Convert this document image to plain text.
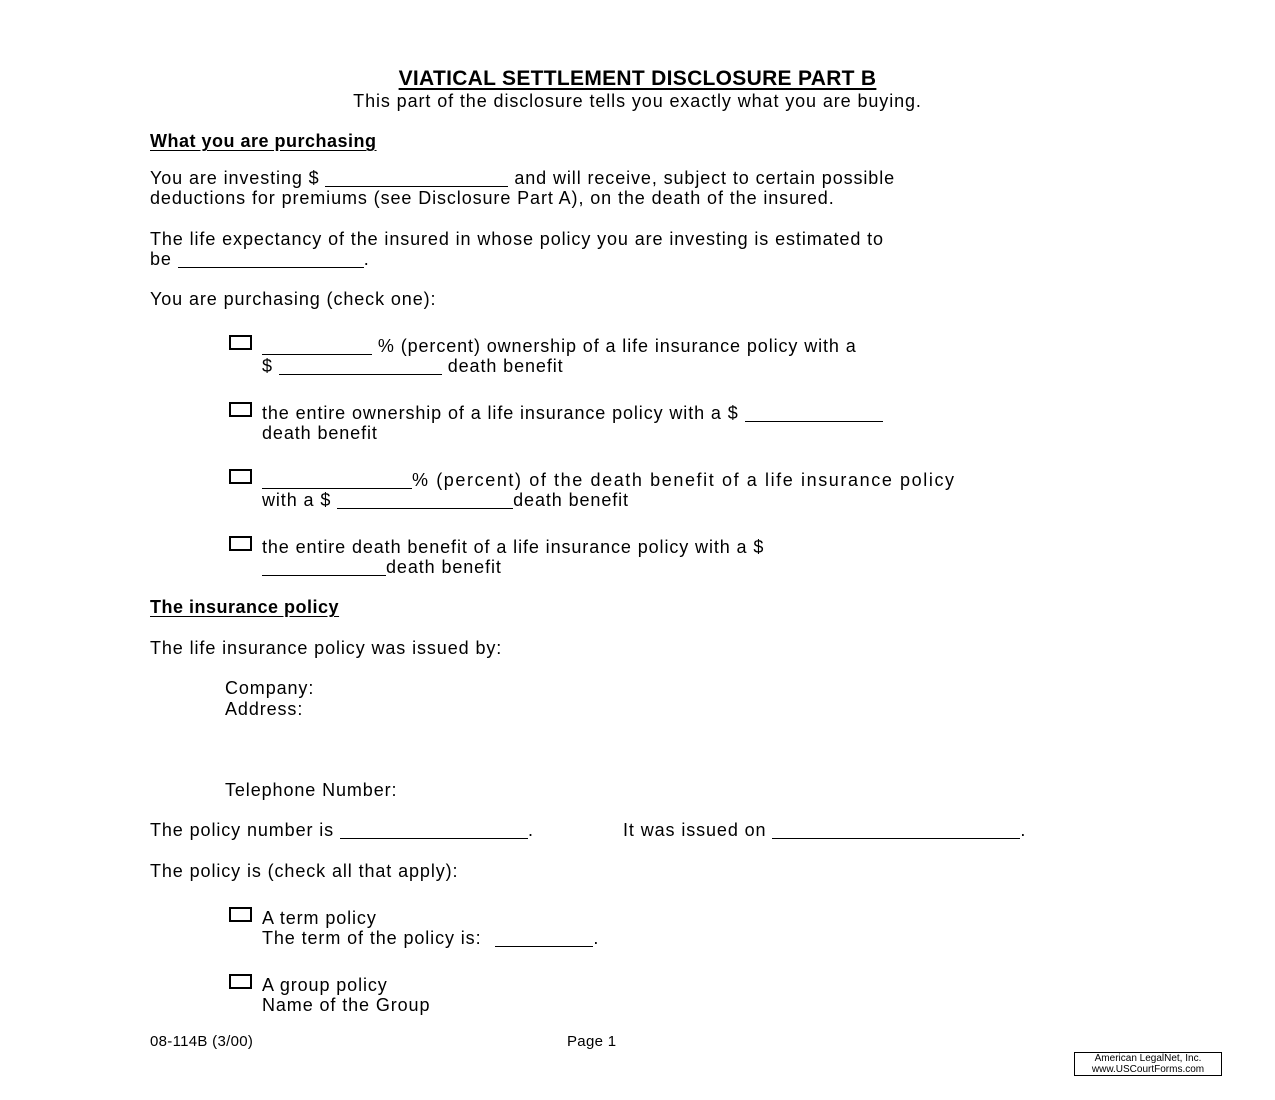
VIATICAL SETTLEMENT DISCLOSURE PART B
This part of the disclosure tells you exactly what you are buying.
What you are purchasing
You are investing $	and will receive, subject to certain possible
deductions for premiums (see Disclosure Part A), on the death of the insured.
The life expectancy of the insured in whose policy you are investing is estimated to
be	.
You are purchasing (check one):
% (percent) ownership of a life insurance policy with a
$	death benefit
the entire ownership of a life insurance policy with a $
death benefit
% (percent) of the death benefit of a life insurance policy
with a $	death benefit
the entire death benefit of a life insurance policy with a $
death benefit
The insurance policy
The life insurance policy was issued by:
Company:
Address:
Telephone Number:
The policy number is	.	It was issued on	.
The policy is (check all that apply):
A term policy
The term of the policy is:	.
A group policy
Name of the Group
08-114B (3/00)	Page 1
American LegalNet, Inc.
www.USCourtForms.com
